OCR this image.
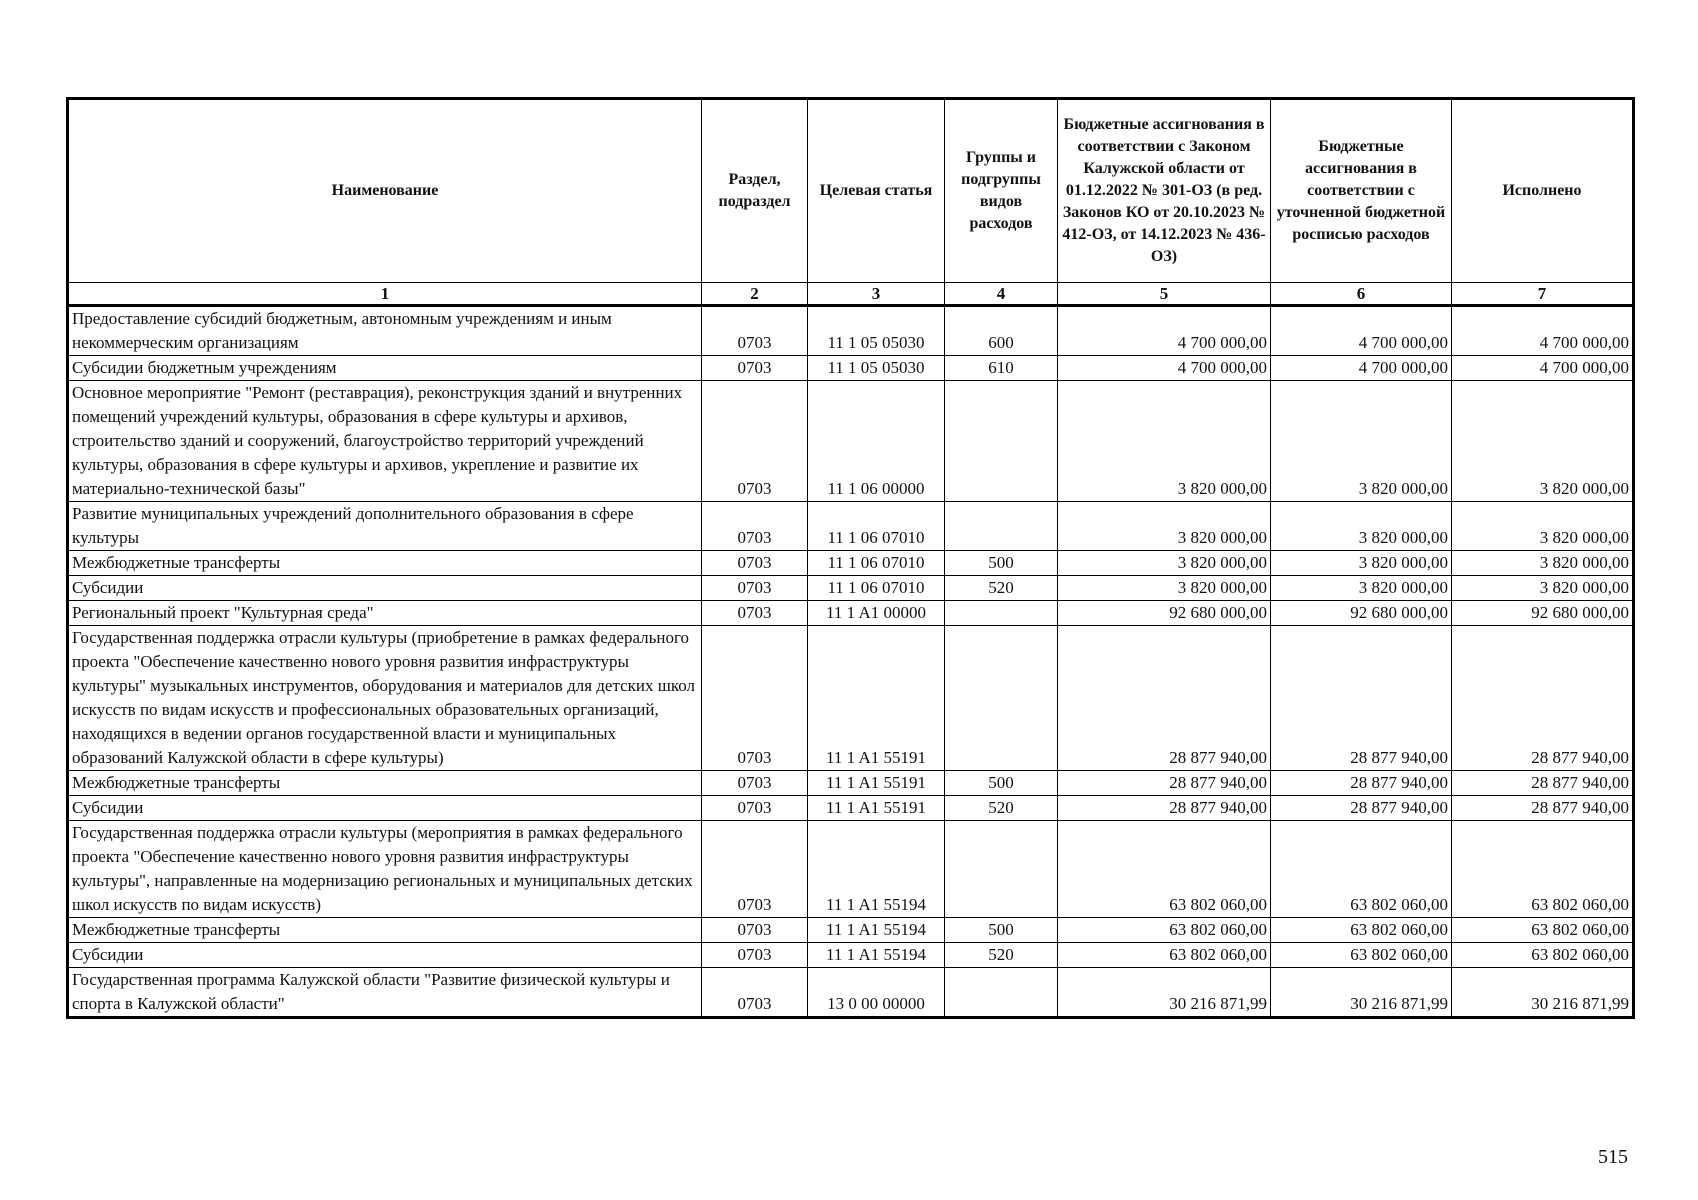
Наименование	Раздел, подраздел	Целевая статья	Группы и подгруппы видов расходов	Бюджетные ассигнования в соответствии с Законом Калужской области от 01.12.2022 № 301-ОЗ (в ред. Законов КО от 20.10.2023 № 412-ОЗ, от 14.12.2023 № 436-ОЗ)	Бюджетные ассигнования в соответствии с уточненной бюджетной росписью расходов	Исполнено
1	2	3	4	5	6	7
Предоставление субсидий бюджетным, автономным учреждениям и иным некоммерческим организациям	0703	11 1 05 05030	600	4 700 000,00	4 700 000,00	4 700 000,00
Субсидии бюджетным учреждениям	0703	11 1 05 05030	610	4 700 000,00	4 700 000,00	4 700 000,00
Основное мероприятие "Ремонт (реставрация), реконструкция зданий и внутренних помещений учреждений культуры, образования в сфере культуры и архивов, строительство зданий и сооружений, благоустройство территорий учреждений культуры, образования в сфере культуры и архивов, укрепление и развитие их материально-технической базы"	0703	11 1 06 00000		3 820 000,00	3 820 000,00	3 820 000,00
Развитие муниципальных учреждений дополнительного образования в сфере культуры	0703	11 1 06 07010		3 820 000,00	3 820 000,00	3 820 000,00
Межбюджетные трансферты	0703	11 1 06 07010	500	3 820 000,00	3 820 000,00	3 820 000,00
Субсидии	0703	11 1 06 07010	520	3 820 000,00	3 820 000,00	3 820 000,00
Региональный проект "Культурная среда"	0703	11 1 A1 00000		92 680 000,00	92 680 000,00	92 680 000,00
Государственная поддержка отрасли культуры (приобретение в рамках федерального проекта "Обеспечение качественно нового уровня развития инфраструктуры культуры" музыкальных инструментов, оборудования и материалов для детских школ искусств по видам искусств и профессиональных образовательных организаций, находящихся в ведении органов государственной власти и муниципальных образований Калужской области в сфере культуры)	0703	11 1 A1 55191		28 877 940,00	28 877 940,00	28 877 940,00
Межбюджетные трансферты	0703	11 1 A1 55191	500	28 877 940,00	28 877 940,00	28 877 940,00
Субсидии	0703	11 1 A1 55191	520	28 877 940,00	28 877 940,00	28 877 940,00
Государственная поддержка отрасли культуры (мероприятия в рамках федерального проекта "Обеспечение качественно нового уровня развития инфраструктуры культуры", направленные на модернизацию региональных и муниципальных детских школ искусств по видам искусств)	0703	11 1 A1 55194		63 802 060,00	63 802 060,00	63 802 060,00
Межбюджетные трансферты	0703	11 1 A1 55194	500	63 802 060,00	63 802 060,00	63 802 060,00
Субсидии	0703	11 1 A1 55194	520	63 802 060,00	63 802 060,00	63 802 060,00
Государственная программа Калужской области "Развитие физической культуры и спорта в Калужской области"	0703	13 0 00 00000		30 216 871,99	30 216 871,99	30 216 871,99
515
